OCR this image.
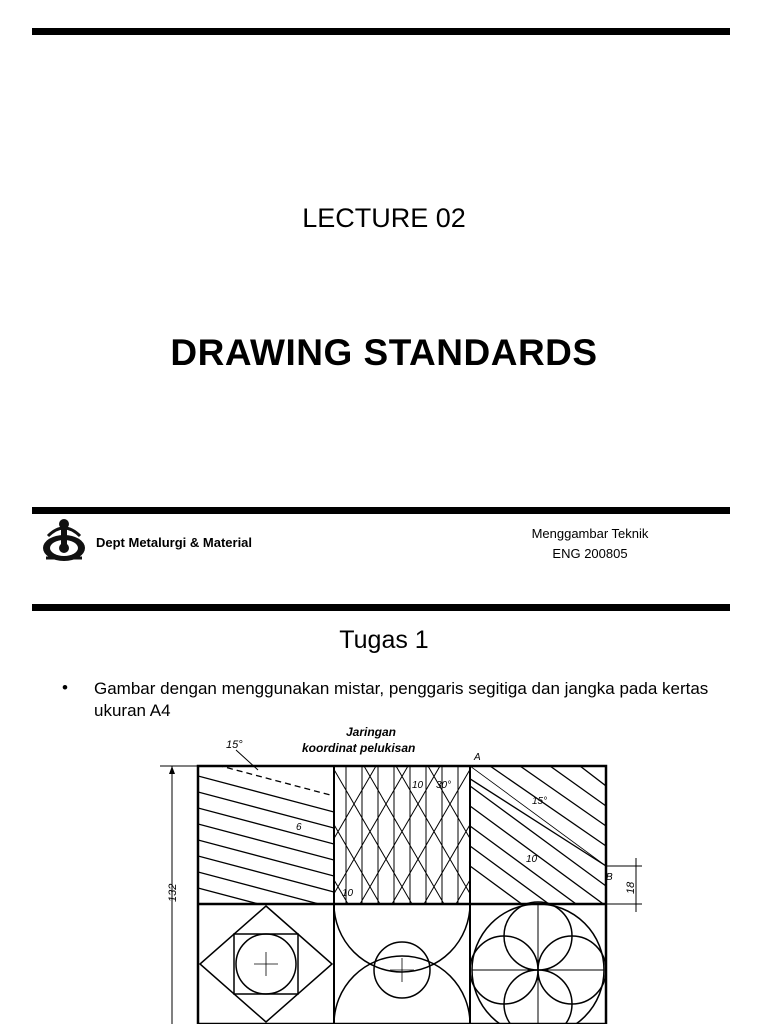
LECTURE 02
DRAWING STANDARDS
Dept Metalurgi & Material
Menggambar Teknik
ENG 200805
Tugas 1
• Gambar dengan menggunakan mistar, penggaris segitiga dan jangka pada kertas ukuran A4
Jaringan
koordinat pelukisan
15°
A
B
132	18
6
10
10 30°
15°
10
